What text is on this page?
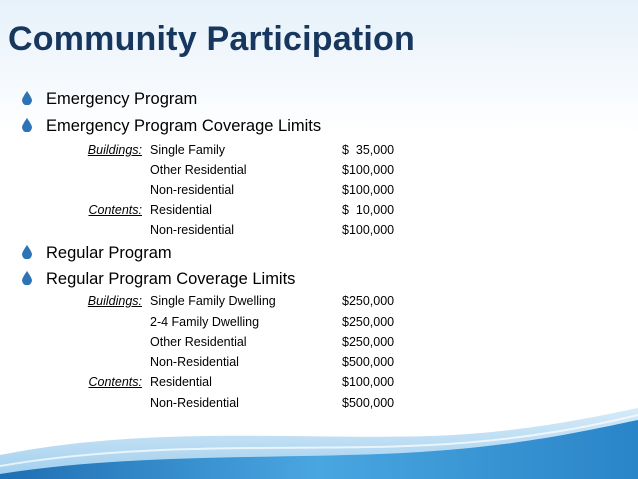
Community Participation
Emergency Program
Emergency Program Coverage Limits
Buildings: Single Family	$  35,000
Other Residential	$100,000
Non-residential	$100,000
Contents: Residential	$  10,000
Non-residential	$100,000
Regular Program
Regular Program Coverage Limits
Buildings: Single Family Dwelling	$250,000
2-4 Family Dwelling	$250,000
Other Residential	$250,000
Non-Residential	$500,000
Contents: Residential	$100,000
Non-Residential	$500,000
